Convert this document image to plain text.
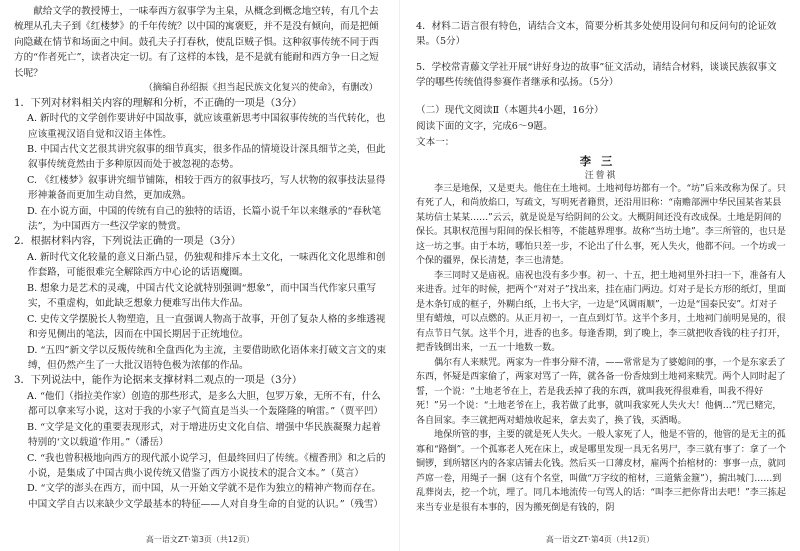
献给文学的教授博士，一味奉西方叙事学为主臬，从概念到概念地空转，有几个去梳理从孔夫子到《红楼梦》的千年传统？以中国的寓褒贬，并不是没有倾向，而是把倾向隐藏在情节和场面之中间。鼓孔夫子打春秋，使乱臣贼子惧。这种叙事传统不同于西方的“作者死亡”，读者决定一切。有了这样的本钱，是不是就有能耐和西方争一日之短长呢？

（摘编自孙绍振《担当起民族文化复兴的使命》，有删改）

1．下列对材料相关内容的理解和分析，不正确的一项是（3分）

A. 新时代的文学创作要讲好中国故事，就应该重新思考中国叙事传统的当代转化，也应该重视汉语自觉和汉语主体性。

B. 中国古代文艺很其讲究叙事的细节真实，很多作品的情境设计深具细节之美，但此叙事传统竟然由于多种原因而处于被忽视的态势。

C. 《红楼梦》叙事讲究细节铺陈，相较于西方的叙事技巧，写人状物的叙事技法显得形神兼备而更加生动自然，更加成熟。

D. 在小说方面，中国的传统有自己的独特的话语，长篇小说千年以来继承的“春秋笔法”，为中国西方一些汉学家的赞赏。

2．根据材料内容，下列说法正确的一项是（3分）

A. 新时代文化较量的意义日渐凸显，仍独观和排斥本土文化，一味西化文化思维和创作套路，可能很难完全解除西方中心论的话语魔圈。

B. 想象力是艺术的灵魂，中国古代文论就特别强调“想象”，而中国当代作家只重写实，不重虚构，如此缺乏想象力便难写出伟大作品。

C. 史传文学摆脱长人物塑造，且一直强调人物高于故事，开创了复杂人格的多维透视和旁见侧出的笔法，因而在中国长期居于正统地位。

D. “五四”新文学以反叛传统和全盘西化为主流，主要借助欧化语体来打破文言文的束缚，但仍然产生了一大批汉语特色极为浓郁的作品。

3．下列说法中，能作为论据来支撑材料二观点的一项是（3分）

A. “他们（指拉美作家）创造的那些形式，是多么大胆，包罗万象，无所不有，什么都可以拿来写小说，这对于我的小家子气简直是当头一个轰隆隆的响雷。”（贾平凹）

B. “文学是文化的重要表现形式，对于增进历史文化自信、增强中华民族凝聚力起着特别的‘文以载道’作用。”（潘岳）

C. “我也曾积极地向西方的现代派小说学习，但最终回归了传统。《檀香刑》和之后的小说，是集成了中国古典小说传统又借鉴了西方小说技术的混合文本。”（莫言）

D. “文学的澎头在西方，而中国，从一开始文学就不是作为独立的精神产物而存在。中国文学自古以来缺少文学最基本的特征——人对自身生命的自觉的认识。”（残雪）

高一语文ZT·第3页（共12页）

4．材料二语言很有特色，请结合文本，简要分析其多处使用设问句和反问句的论证效果。（5分）

5．学校常青藤文学社开展“讲好身边的故事”征文活动，请结合材料，谈谈民族叙事文学的哪些传统值得参赛作者继承和弘扬。（5分）

（二）现代文阅读Ⅱ（本题共4小题，16分）

阅读下面的文字，完成6～9题。

文本一：

李三

汪曾祺

李三是地保，又是更夫。他住在土地祠。土地祠每坊都有一个。“坊”后来改称为保了。只有死了人，和尚放焰口，写疏文，写明死者籍贯，还沿用旧称：“南赡部洲中华民国某省某县某坊信士某某……”云云，就是说是写给阴间的公文。大概阴间还没有改成保。土地是阴间的保长。其职权范围与阳间的保长相等，不能越界理事。故称“当坊土地”。李三所管的，也只是这一坊之事。由于本坊，哪怕只差一步，不论出了什么事，死人失火，他都不问。一个坊或一个保的疆界，保长清楚，李三也清楚。

李三同时又是庙祝。庙祝也没有多少事。初一、十五，把土地祠里外扫扫一下，准备有人来进香。过年的时候，把两个“对对子”找出来，挂在庙门两边。灯对子是长方形的纸灯，里面是木条钉成的框子，外糊白纸，上书大字，一边是“风调雨顺”，一边是“国泰民安”。灯对子里有蜡烛，可以点燃的。从正月初一，一直点到灯节。这半个多月，土地祠门前明晃晃的，很有点节日气氛。这半个月，进香的也多。每逢香期，到了晚上，李三就把收香钱的柱子打开，把香钱倒出来，一五一十地数一数。

偶尔有人来赎咒。两家为一件事分辩不清，——常常是为了婆媳间的事，一个是东家丢了东西，怀疑是西家偷了，两家对骂了一阵，就各备一份香烛到土地祠来赎咒。两个人同时起了誓，一个说：“土地老爷在上，若是我丢掉了我的东西，就叫我死得很难看，叫我不得好死！”另一个说：“土地老爷在上，我若做了此事，就叫我家死人失火大！他俩…”咒已赌完，各自回家。李三就把两对蜡烛收起来，拿去卖了，换了钱，买酒喝。

地保所管的事，主要的就是死人失火。一般人家死了人，他是不管的，他管的是无主的孤寡和“路倒”。一个孤寡老人死在床上，或是哪里发现一具无名男尸，李三就有事了：拿了一个铜锣，到所辖区内的各家店铺去化钱。然后买一口薄皮材，雇两个抬棺材的：事事一点，就同芦席一卷，用绳子一捆（这有个名堂，叫做“万字纹的棺材，三道紫金箍”），掮出城门……到乱葬岗去，挖一个坑，埋了。同几本地流传一句骂人的话：“叫李三把你背出去吧！”李三拣起来当专业是很有本事的，因为搬死倒是有钱的，阴

高一语文ZT·第4页（共12页）
